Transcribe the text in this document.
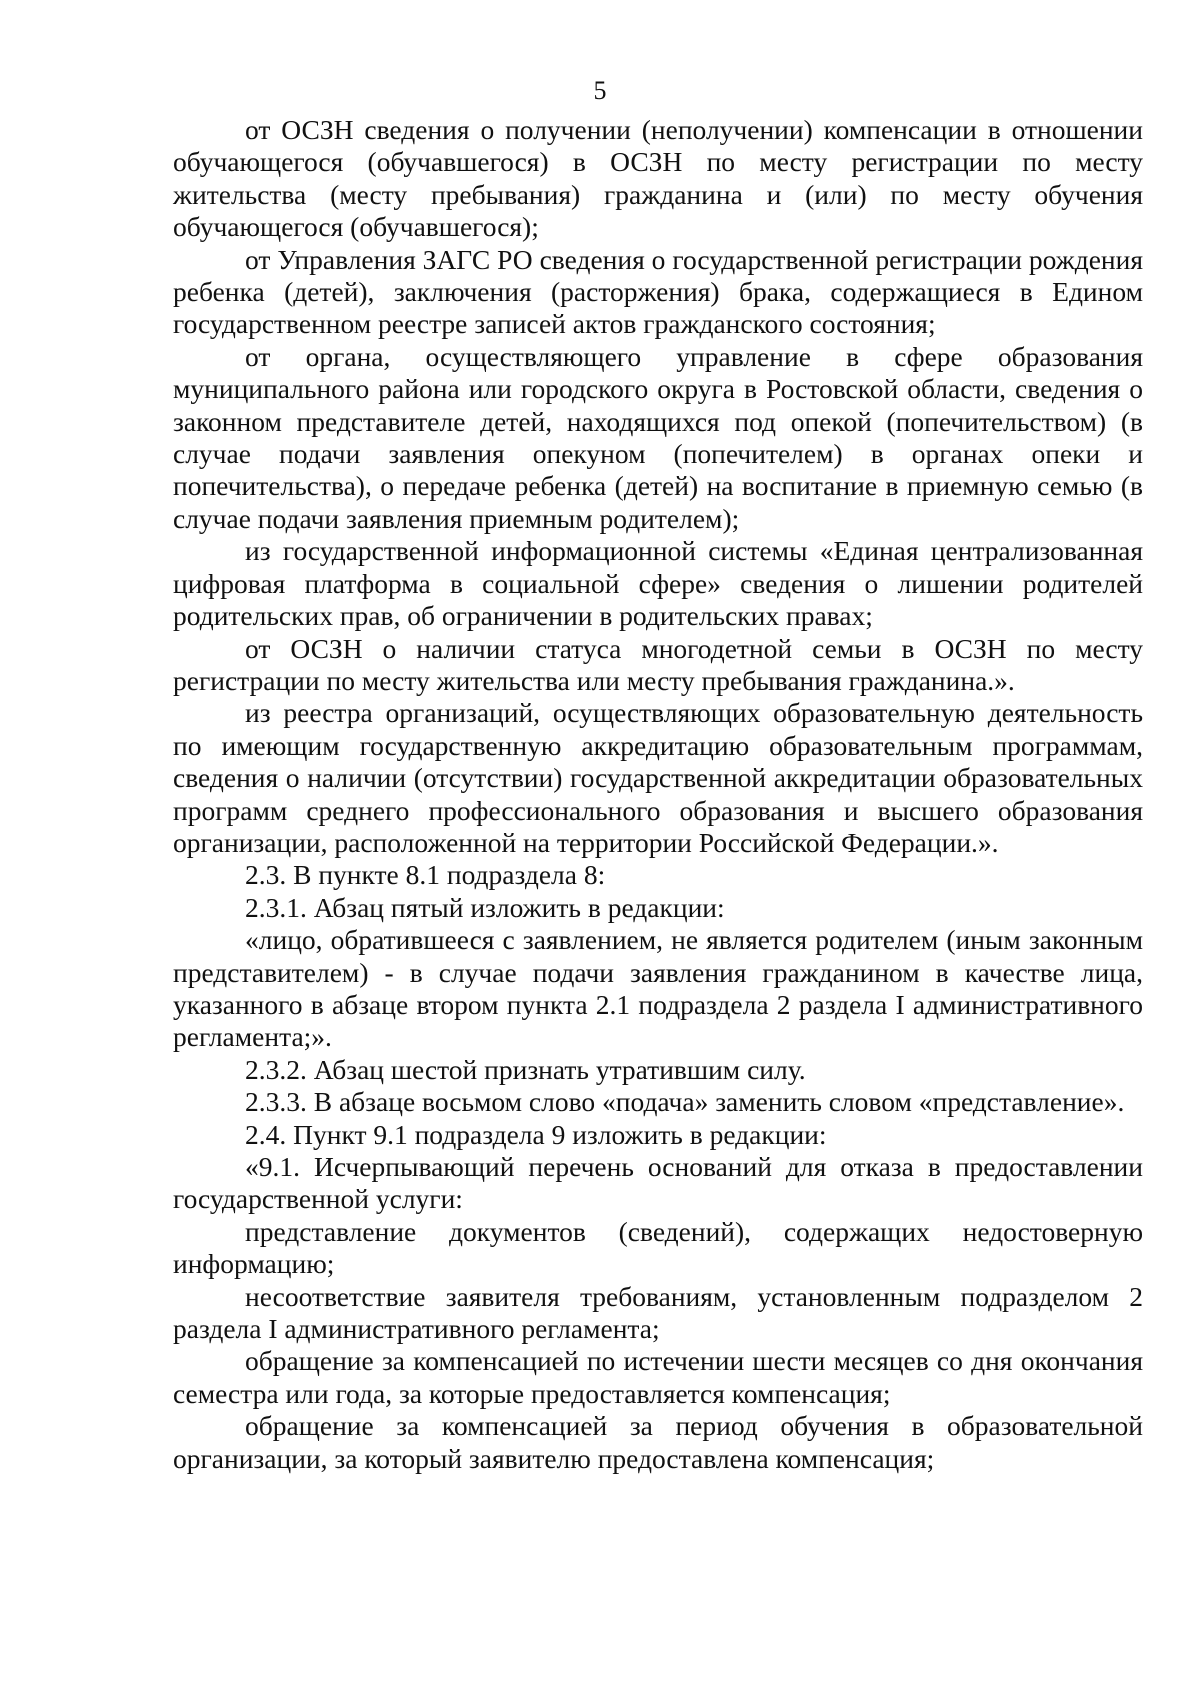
5

от ОСЗН сведения о получении (неполучении) компенсации в отношении обучающегося (обучавшегося) в ОСЗН по месту регистрации по месту жительства (месту пребывания) гражданина и (или) по месту обучения обучающегося (обучавшегося);

от Управления ЗАГС РО сведения о государственной регистрации рождения ребенка (детей), заключения (расторжения) брака, содержащиеся в Едином государственном реестре записей актов гражданского состояния;

от органа, осуществляющего управление в сфере образования муниципального района или городского округа в Ростовской области, сведения о законном представителе детей, находящихся под опекой (попечительством) (в случае подачи заявления опекуном (попечителем) в органах опеки и попечительства), о передаче ребенка (детей) на воспитание в приемную семью (в случае подачи заявления приемным родителем);

из государственной информационной системы «Единая централизованная цифровая платформа в социальной сфере» сведения о лишении родителей родительских прав, об ограничении в родительских правах;

от ОСЗН о наличии статуса многодетной семьи в ОСЗН по месту регистрации по месту жительства или месту пребывания гражданина.».

из реестра организаций, осуществляющих образовательную деятельность по имеющим государственную аккредитацию образовательным программам, сведения о наличии (отсутствии) государственной аккредитации образовательных программ среднего профессионального образования и высшего образования организации, расположенной на территории Российской Федерации.».

2.3. В пункте 8.1 подраздела 8:

2.3.1. Абзац пятый изложить в редакции:

«лицо, обратившееся с заявлением, не является родителем (иным законным представителем) - в случае подачи заявления гражданином в качестве лица, указанного в абзаце втором пункта 2.1 подраздела 2 раздела I административного регламента;».

2.3.2. Абзац шестой признать утратившим силу.

2.3.3. В абзаце восьмом слово «подача» заменить словом «представление».

2.4. Пункт 9.1 подраздела 9 изложить в редакции:

«9.1. Исчерпывающий перечень оснований для отказа в предоставлении государственной услуги:

представление документов (сведений), содержащих недостоверную информацию;

несоответствие заявителя требованиям, установленным подразделом 2 раздела I административного регламента;

обращение за компенсацией по истечении шести месяцев со дня окончания семестра или года, за которые предоставляется компенсация;

обращение за компенсацией за период обучения в образовательной организации, за который заявителю предоставлена компенсация;
